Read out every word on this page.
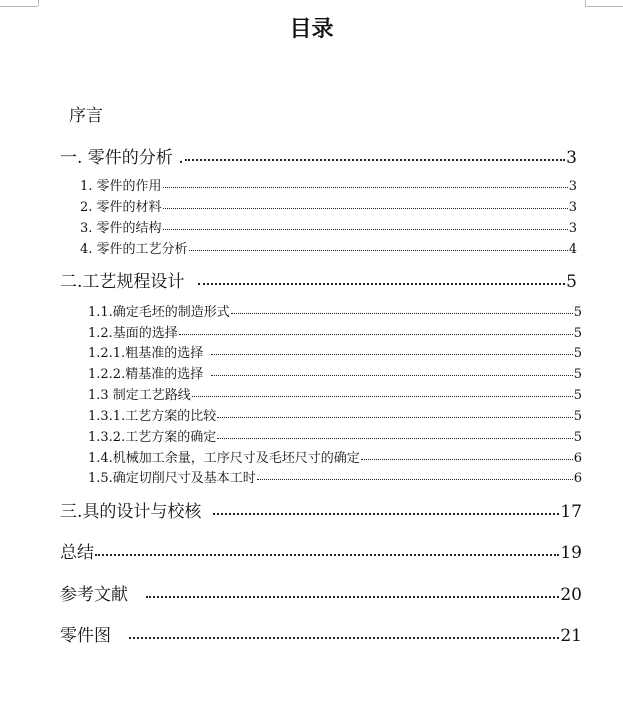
目录
序言
一. 零件的分析 .	3
1. 零件的作用	3
2. 零件的材料	3
3. 零件的结构	3
4. 零件的工艺分析	4
二.工艺规程设计	5
1.1.确定毛坯的制造形式	5
1.2.基面的选择	5
1.2.1.粗基准的选择	5
1.2.2.精基准的选择	5
1.3 制定工艺路线	5
1.3.1.工艺方案的比较	5
1.3.2.工艺方案的确定	5
1.4.机械加工余量，工序尺寸及毛坯尺寸的确定	6
1.5.确定切削尺寸及基本工时	6
三.具的设计与校核	17
总结	19
参考文献	20
零件图	21
